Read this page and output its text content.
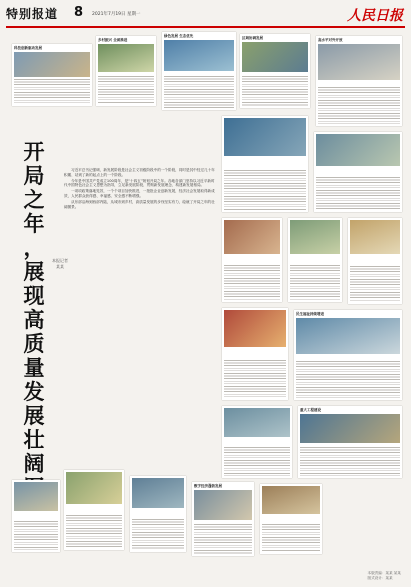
特别报道 8 2021年7月19日 星期一	人民日报
开
局
之
年
，
展
现
高
质
量
发
展
壮
阔
本报记者 某某

习近平总书记强调，新发展阶段是社会主义初级阶段中的一个阶段，同时是其中经过几十年积累、站到了新的起点上的一个阶段。

今年是中国共产党成立100周年，是“十四五”规划开局之年。各地各部门坚持以习近平新时代中国特色社会主义思想为指导，立足新发展阶段、贯彻新发展理念、构建新发展格局。

一项项政策落地见效，一个个项目加快推进，一批批企业创新发展，经济社会发展取得新成效，人民群众获得感、幸福感、安全感不断增强。

从东部沿海到西部内陆，从城市到乡村，高质量发展的步伐坚实有力，绘就了开局之年的壮阔图景。

科技创新驱动发展
乡村振兴 全面推进
绿色发展 生态优先	区域协调发展	高水平对外开放
民生福祉持续增进
重大工程建设
数字经济蓬勃发展
本版责编：某某 某某
版式设计：某某
